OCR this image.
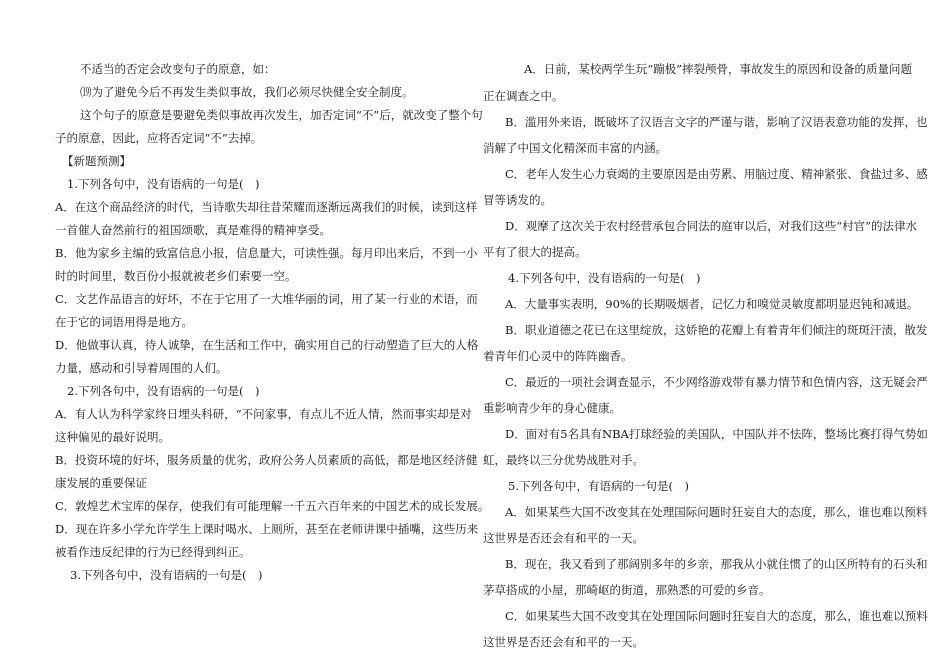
不适当的否定会改变句子的原意，如：
⒆为了避免今后不再发生类似事故，我们必须尽快健全安全制度。
这个句子的原意是要避免类似事故再次发生，加否定词“不”后，就改变了整个句
子的原意，因此，应将否定词“不”去掉。
【新题预测】
1.下列各句中，没有语病的一句是(　)
A．在这个商品经济的时代，当诗歌失却往昔荣耀而逐渐远离我们的时候，读到这样
一首催人奋然前行的祖国颂歌，真是难得的精神享受。
B．他为家乡主编的致富信息小报，信息量大，可读性强。每月印出来后，不到一小
时的时间里，数百份小报就被老乡们索要一空。
C．文艺作品语言的好坏，不在于它用了一大堆华丽的词，用了某一行业的术语，而
在于它的词语用得是地方。
D．他做事认真，待人诚挚，在生活和工作中，确实用自己的行动塑造了巨大的人格
力量，感动和引导着周围的人们。
2.下列各句中，没有语病的一句是(　)
A．有人认为科学家终日埋头科研，“不问家事，有点儿不近人情，然而事实却是对
这种偏见的最好说明。
B．投资环境的好坏，服务质量的优劣，政府公务人员素质的高低，都是地区经济健
康发展的重要保证
C．敦煌艺术宝库的保存，使我们有可能理解一千五六百年来的中国艺术的成长发展。
D．现在许多小学允许学生上课时喝水、上厕所，甚至在老师讲课中插嘴，这些历来
被看作违反纪律的行为已经得到纠正。
3.下列各句中，没有语病的一句是(　)
A．日前，某校两学生玩“蹦极”摔裂颅骨，事故发生的原因和设备的质量问题
正在调查之中。
B．滥用外来语，既破坏了汉语言文字的严谨与谐，影响了汉语表意功能的发挥，也
消解了中国文化精深而丰富的内涵。
C．老年人发生心力衰竭的主要原因是由劳累、用脑过度、精神紧张、食盐过多、感
冒等诱发的。
D．观摩了这次关于农村经营承包合同法的庭审以后，对我们这些“村官”的法律水
平有了很大的提高。
4.下列各句中，没有语病的一句是(　)
A．大量事实表明，90%的长期吸烟者，记忆力和嗅觉灵敏度都明显迟钝和减退。
B．职业道德之花已在这里绽放，这娇艳的花瓣上有着青年们倾注的斑斑汗渍，散发
着青年们心灵中的阵阵幽香。
C．最近的一项社会调查显示，不少网络游戏带有暴力情节和色情内容，这无疑会严
重影响青少年的身心健康。
D．面对有5名具有NBA打球经验的美国队，中国队并不怯阵，整场比赛打得气势如
虹，最终以三分优势战胜对手。
5.下列各句中，有语病的一句是(　)
A．如果某些大国不改变其在处理国际问题时狂妄自大的态度，那么，谁也难以预料
这世界是否还会有和平的一天。
B．现在，我又看到了那阔别多年的乡亲，那我从小就住惯了的山区所特有的石头和
茅草搭成的小屋，那崎岖的街道，那熟悉的可爱的乡音。
C．如果某些大国不改变其在处理国际问题时狂妄自大的态度，那么，谁也难以预料
这世界是否还会有和平的一天。
